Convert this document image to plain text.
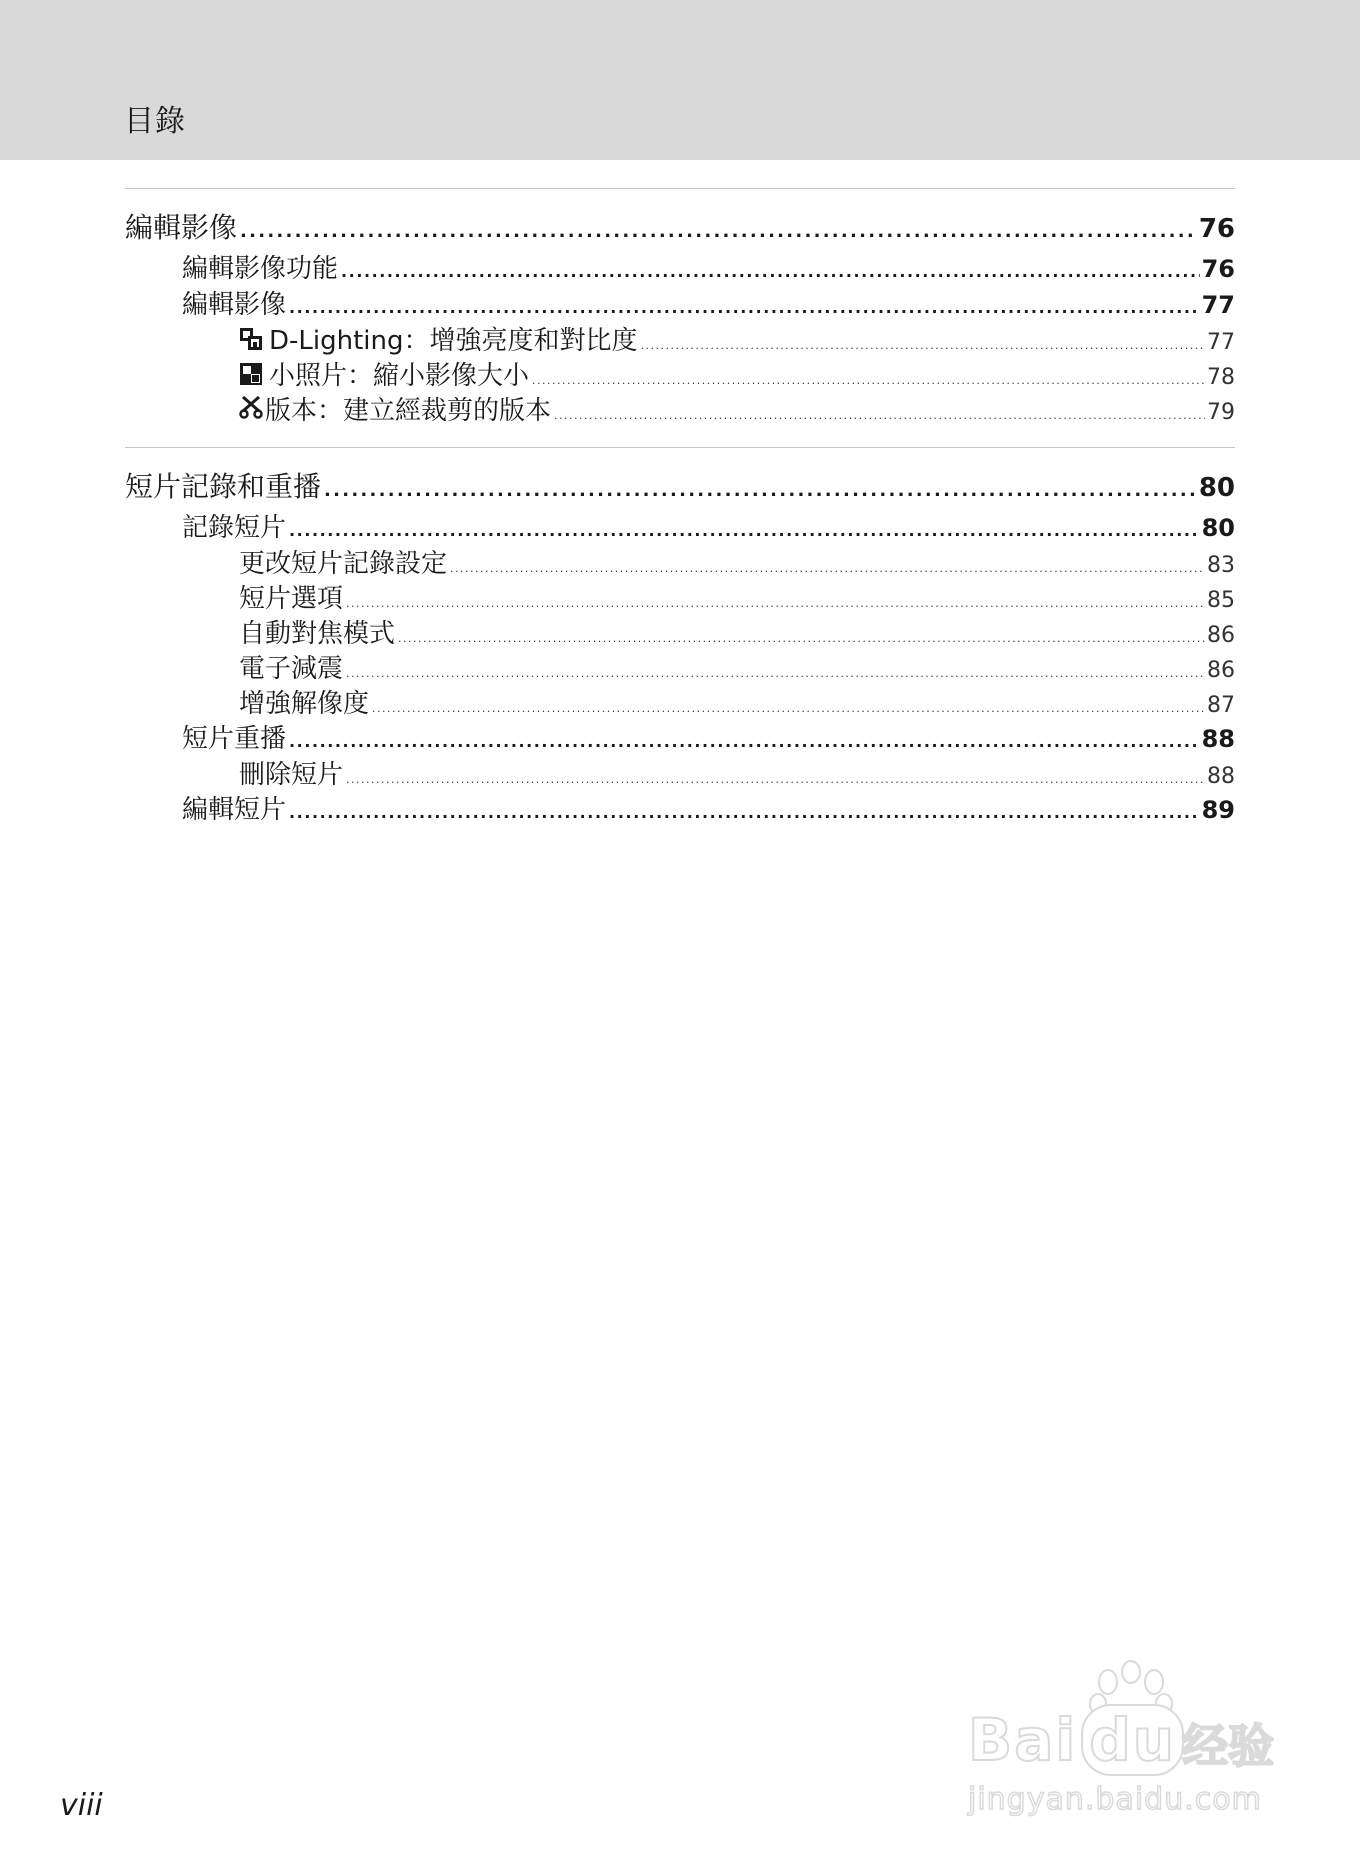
目錄
編輯影像 . . .	76
編輯影像功能 . . .	76
編輯影像 . . .	77
D-Lighting：增強亮度和對比度 . . .	77
小照片：縮小影像大小 . . .	78
版本：建立經裁剪的版本 . . .	79
短片記錄和重播 . . .	80
記錄短片 . . .	80
更改短片記錄設定 . . .	83
短片選項 . . .	85
自動對焦模式 . . .	86
電子減震 . . .	86
增強解像度 . . .	87
短片重播 . . .	88
刪除短片 . . .	88
編輯短片 . . .	89
viii
Bai du 经验
jingyan.baidu.com
